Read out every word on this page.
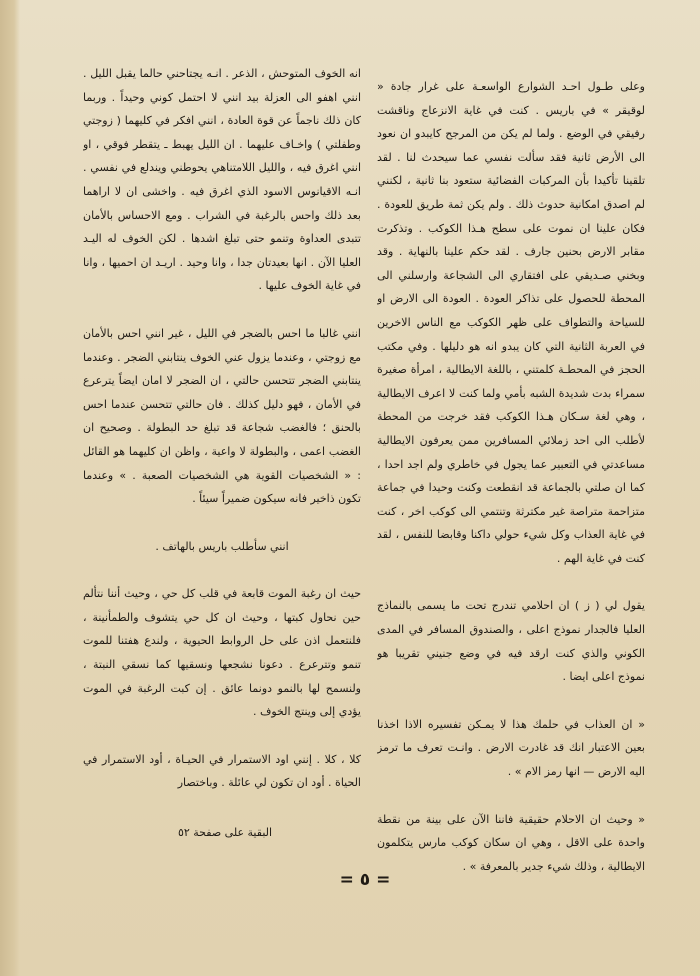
وعلى طـول احـد الشوارع الواسعـة على غرار جادة « لوقيقر » في باريس . كنت في غاية الانزعاج وناقشت رفيقي في الوضع . ولما لم يكن من المرجح كايبدو ان نعود الى الأرض ثانية فقد سألت نفسي عما سيحدث لنا . لقد تلقينا تأكيدا بأن المركبات الفضائية ستعود بنا ثانية ، لكنني لم اصدق امكانية حدوث ذلك . ولم يكن ثمة طريق للعودة . فكان علينا ان نموت على سطح هـذا الكوكب . وتذكرت مقابر الارض بحنين جارف . لقد حكم علينا بالنهاية . وقد وبخني صـديقي على افتقاري الى الشجاعة وارسلني الى المحطة للحصول على تذاكر العودة . العودة الى الارض او للسياحة والتطواف على ظهر الكوكب مع الناس الاخرين في العربة الثانية التي كان يبدو انه هو دليلها . وفي مكتب الحجز في المحطـة كلمتني ، باللغة الايطالية ، امرأة صغيرة سمراء بدت شديدة الشبه بأمي ولما كنت لا اعرف الايطالية ، وهي لغة سـكان هـذا الكوكب فقد خرجت من المحطة لأطلب الى احد زملائي المسافرين ممن يعرفون الايطالية مساعدتي في التعبير عما يجول في خاطري ولم اجد احدا ، كما ان صلتي بالجماعة قد انقطعت وكنت وحيدا في جماعة متزاحمة متراصة غير مكترثة وتنتمي الى كوكب اخر ، كنت في غاية العذاب وكل شيء حولي داكنا وقابضا للنفس ، لقد كنت في غاية الهم .

يقول لي ( ز ) ان احلامي تندرج تحت ما يسمى بالنماذج العليا فالجدار نموذج اعلى ، والصندوق المسافر في المدى الكوني والذي كنت ارقد فيه في وضع جنيني تقريبا هو نموذج اعلى ايضا .

« ان العذاب في حلمك هذا لا يمـكن تفسيره الاذا اخذنا بعين الاعتبار انك قد غادرت الارض . وانـت تعرف ما ترمز اليه الارض — انها رمز الام » .

« وحيث ان الاحلام حقيقية فاننا الآن على بينة من نقطة واحدة على الاقل ، وهي ان سكان كوكب مارس يتكلمون الايطالية ، وذلك شيء جدير بالمعرفة » .

انه الخوف المتوحش ، الذعر . انـه يجتاحني حالما يقبل الليل . انني اهفو الى العزلة بيد انني لا احتمل كوني وحيداً . وربما كان ذلك ناجماً عن قوة العادة ، انني افكر في كليهما ( زوجتي وطفلتي ) واخـاف عليهما . ان الليل يهبط ـ يتقطر فوقي ، او انني اغرق فيه ، والليل اللامتناهي يحوطني ويندلع في نفسي . انـه الاقيانوس الاسود الذي اغرق فيه . واخشى ان لا اراهما بعد ذلك واحس بالرغبة في الشراب . ومع الاحساس بالأمان تتبدى العداوة وتنمو حتى تبلغ اشدها . لكن الخوف له اليـد العليا الآن . انها بعيدتان جدا ، وانا وحيد . اريـد ان احميها ، وانا في غاية الخوف عليها .

انني غالبا ما احس بالضجر في الليل ، غير انني احس بالأمان مع زوجتي ، وعندما يزول عني الخوف ينتابني الضجر . وعندما ينتابني الضجر تتحسن حالتي ، ان الضجر لا امان ايضاً يترعرع في الأمان ، فهو دليل كذلك . فان حالتي تتحسن عندما احس بالحنق ؛ فالغضب شجاعة قد تبلغ حد البطولة . وصحيح ان الغضب اعمى ، والبطولة لا واعية ، واظن ان كليهما هو القائل : « الشخصيات القوية هي الشخصيات الصعبة . » وعندما تكون ذاخير فانه سيكون ضميراً سيئاً .

انني سأطلب باريس بالهاتف .

حيث ان رغبة الموت قابعة في قلب كل حي ، وحيث أننا نتألم حين نحاول كبتها ، وحيث ان كل حي يتشوف والطمأنينة ، فلنتعمل اذن على حل الروابط الحيوية ، ولندع هفتنا للموت تنمو وتترعرع . دعونا نشجعها ونسقيها كما نسقي النبتة ، ولنسمح لها بالنمو دونما عائق . إن كبت الرغبة في الموت يؤدي إلى وينتج الخوف .

كلا ، كلا . إنني اود الاستمرار في الحيـاة ، أود الاستمرار في الحياة . أود ان تكون لي عائلة . وباختصار

البقية على صفحة ٥٢
= ٥ =
